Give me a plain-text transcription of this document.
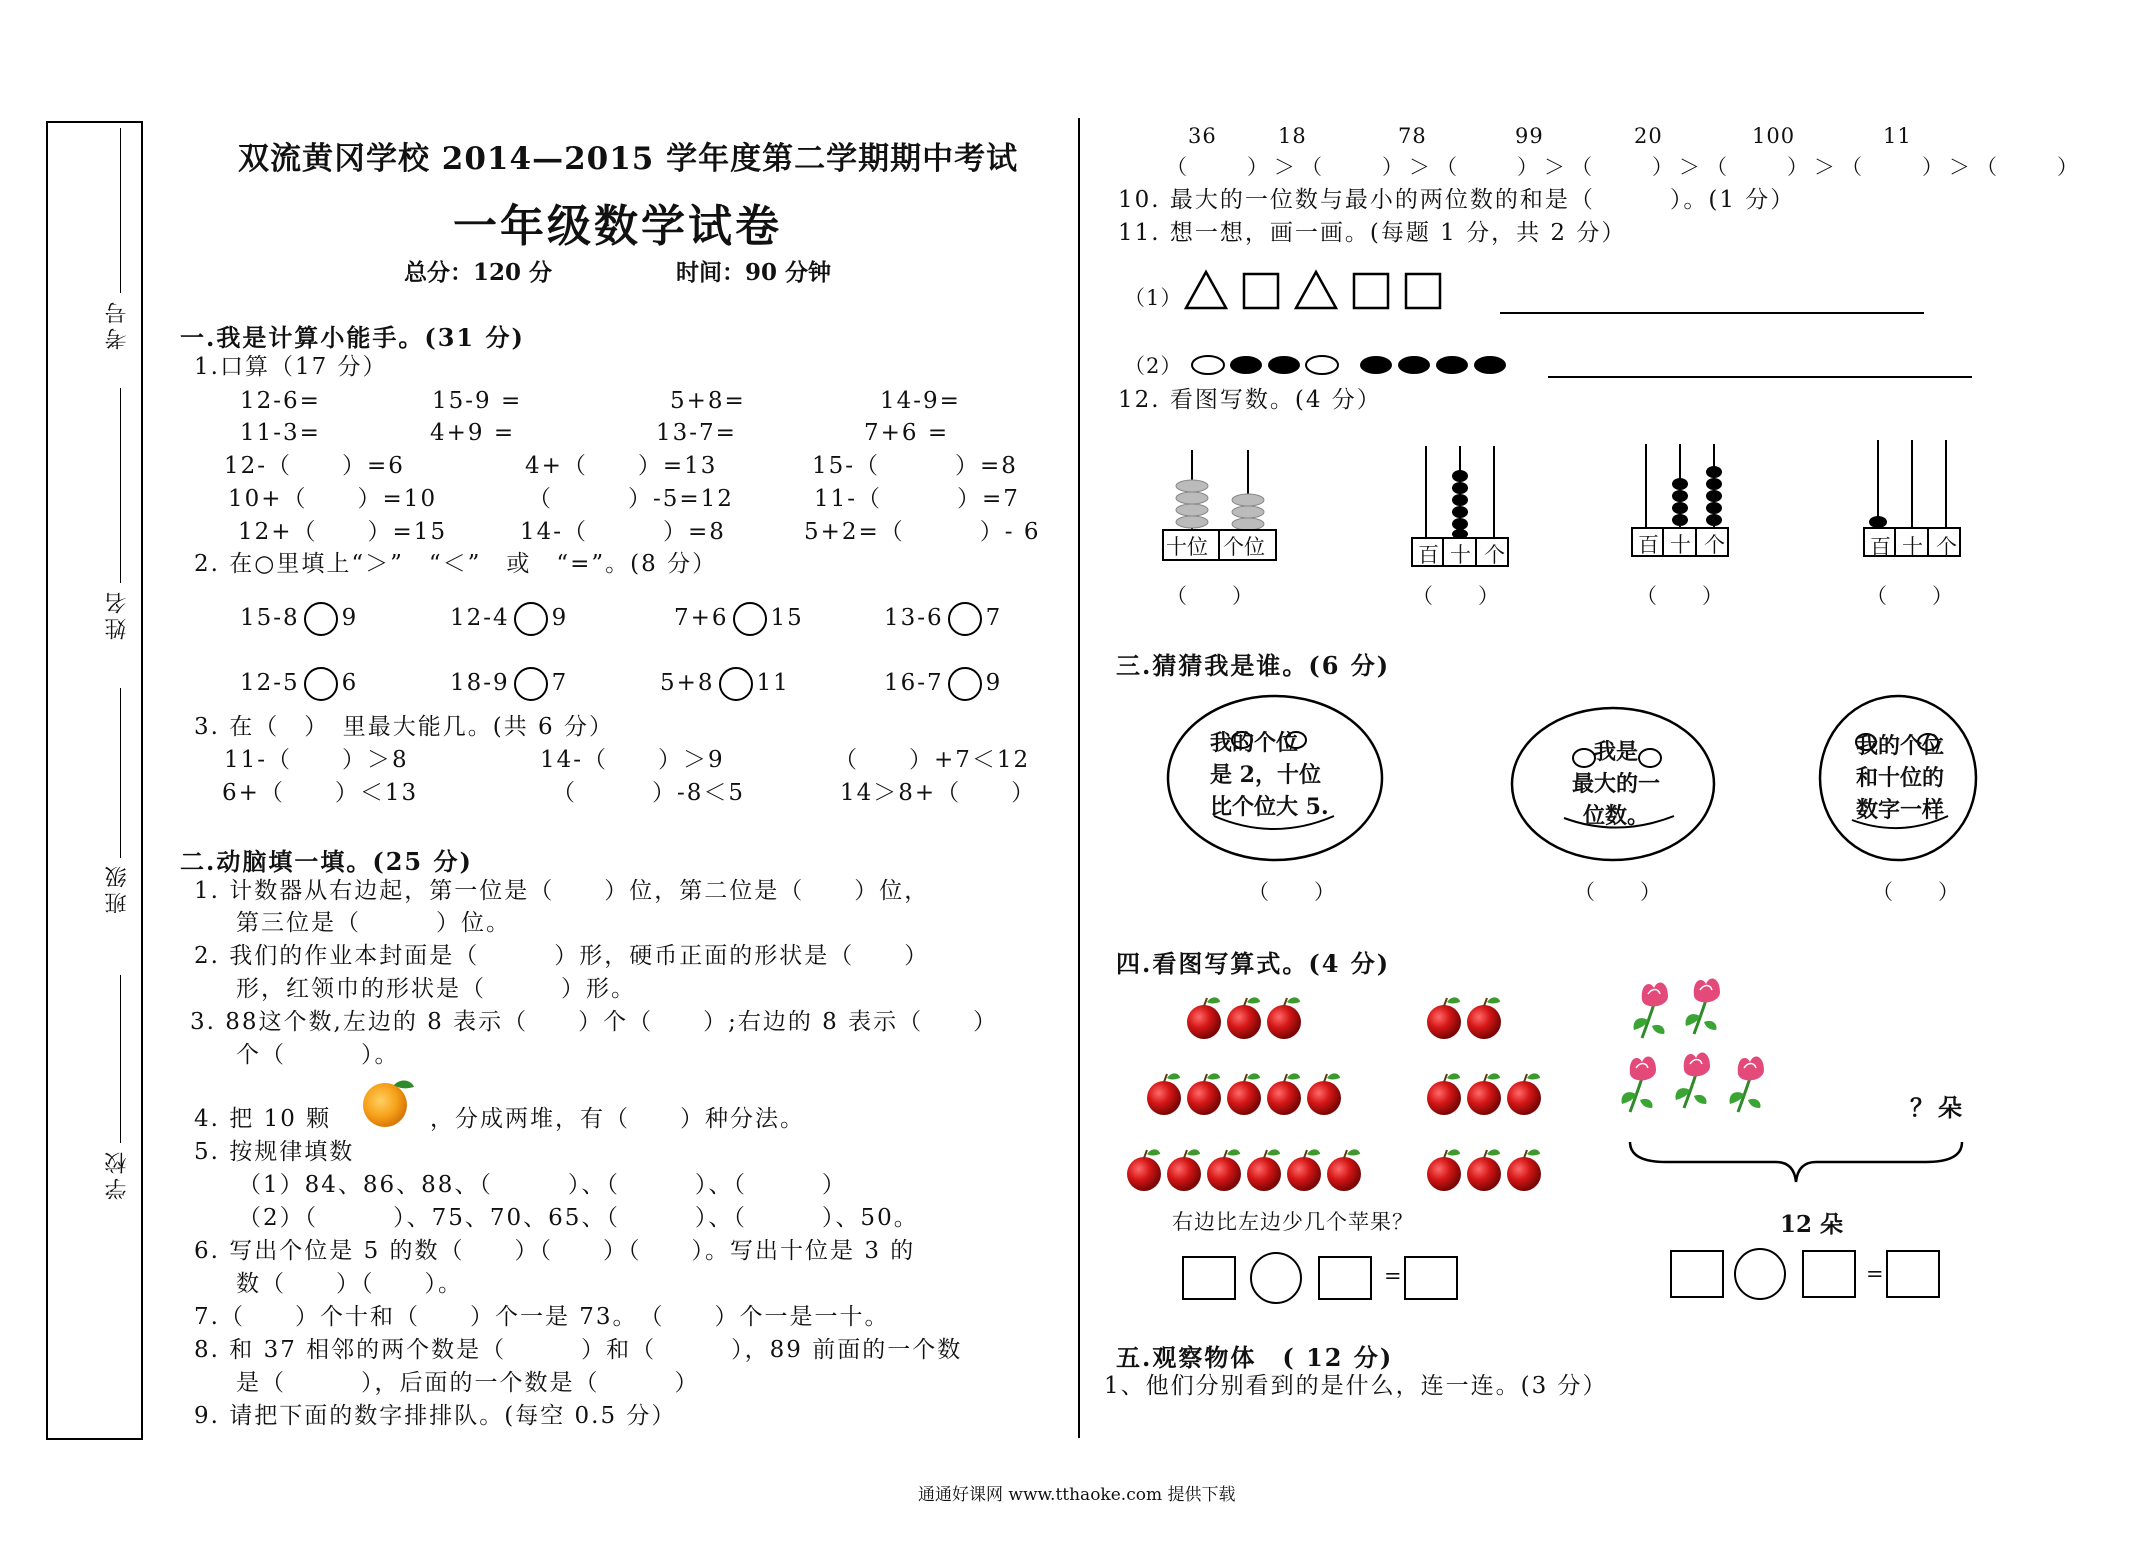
考号
姓名
班级
学校
双流黄冈学校 2014—2015 学年度第二学期期中考试
一年级数学试卷
总分：120 分	时间：90 分钟
一.我是计算小能手。(31 分)
1.口算（17 分）
12-6=	15-9 =	5+8=	14-9=
11-3=	4+9 =	13-7=	7+6 =
12-（　　）=6	4+（　　）=13	15-（　　　）=8
10+（　　）=10	（　　　）-5=12	11-（　　　）=7
12+（　　）=15	14-（　　　）=8	5+2=（　　　）- 6
2. 在○里填上“＞”　“＜”　或　“=”。(8 分）
15-8 9	12-4 9	7+6 15	13-6 7
12-5 6	18-9 7	5+8 11	16-7 9
3. 在（　）　里最大能几。(共 6 分）
11-（　　）＞8	14-（　　）＞9	（　　）+7＜12
6+（　　）＜13	（　　　）-8＜5	14＞8+（　　）
二.动脑填一填。(25 分)
1. 计数器从右边起，第一位是（　　）位，第二位是（　　）位，
第三位是（　　　）位。
2. 我们的作业本封面是（　　　）形，硬币正面的形状是（　　）
形，红领巾的形状是（　　　）形。
3. 88这个数,左边的 8 表示（　　）个（　　）;右边的 8 表示（　　）
个（　　　）。
4. 把 10 颗	，分成两堆，有（　　）种分法。
5. 按规律填数
（1）84、86、88、（　　　）、（　　　）、（　　　）
（2）（　　　）、75、70、65、（　　　）、（　　　）、50。
6. 写出个位是 5 的数（　　）（　　）（　　）。写出十位是 3 的
数（　　）（　　）。
7.（　　）个十和（　　）个一是 73。　（　　）个一是一十。
8. 和 37 相邻的两个数是（　　　）和（　　　），89 前面的一个数
是（　　　），后面的一个数是（　　　）
9. 请把下面的数字排排队。(每空 0.5 分）
36	18	78	99	20	100	11
（　　）＞（　　）＞（　　）＞（　　）＞（　　）＞（　　）＞（　　）
10. 最大的一位数与最小的两位数的和是（　　　）。(1 分）
11. 想一想，画一画。(每题 1 分，共 2 分）
（1）
（2）
12. 看图写数。(4 分）
十位 个位	百 十 个	百 十 个	百 十 个
（　　）	（　　）	（　　）	（　　）
三.猜猜我是谁。(6 分)
我的个位
是 2，十位
比个位大 5.
我是
最大的一
位数。
我的个位
和十位的
数字一样
（　　）	（　　）	（　　）
四.看图写算式。(4 分)
？朵
12 朵
右边比左边少几个苹果？
=	=
五.观察物体　( 12 分)
1、他们分别看到的是什么，连一连。(3 分）
通通好课网 www.tthaoke.com 提供下载
